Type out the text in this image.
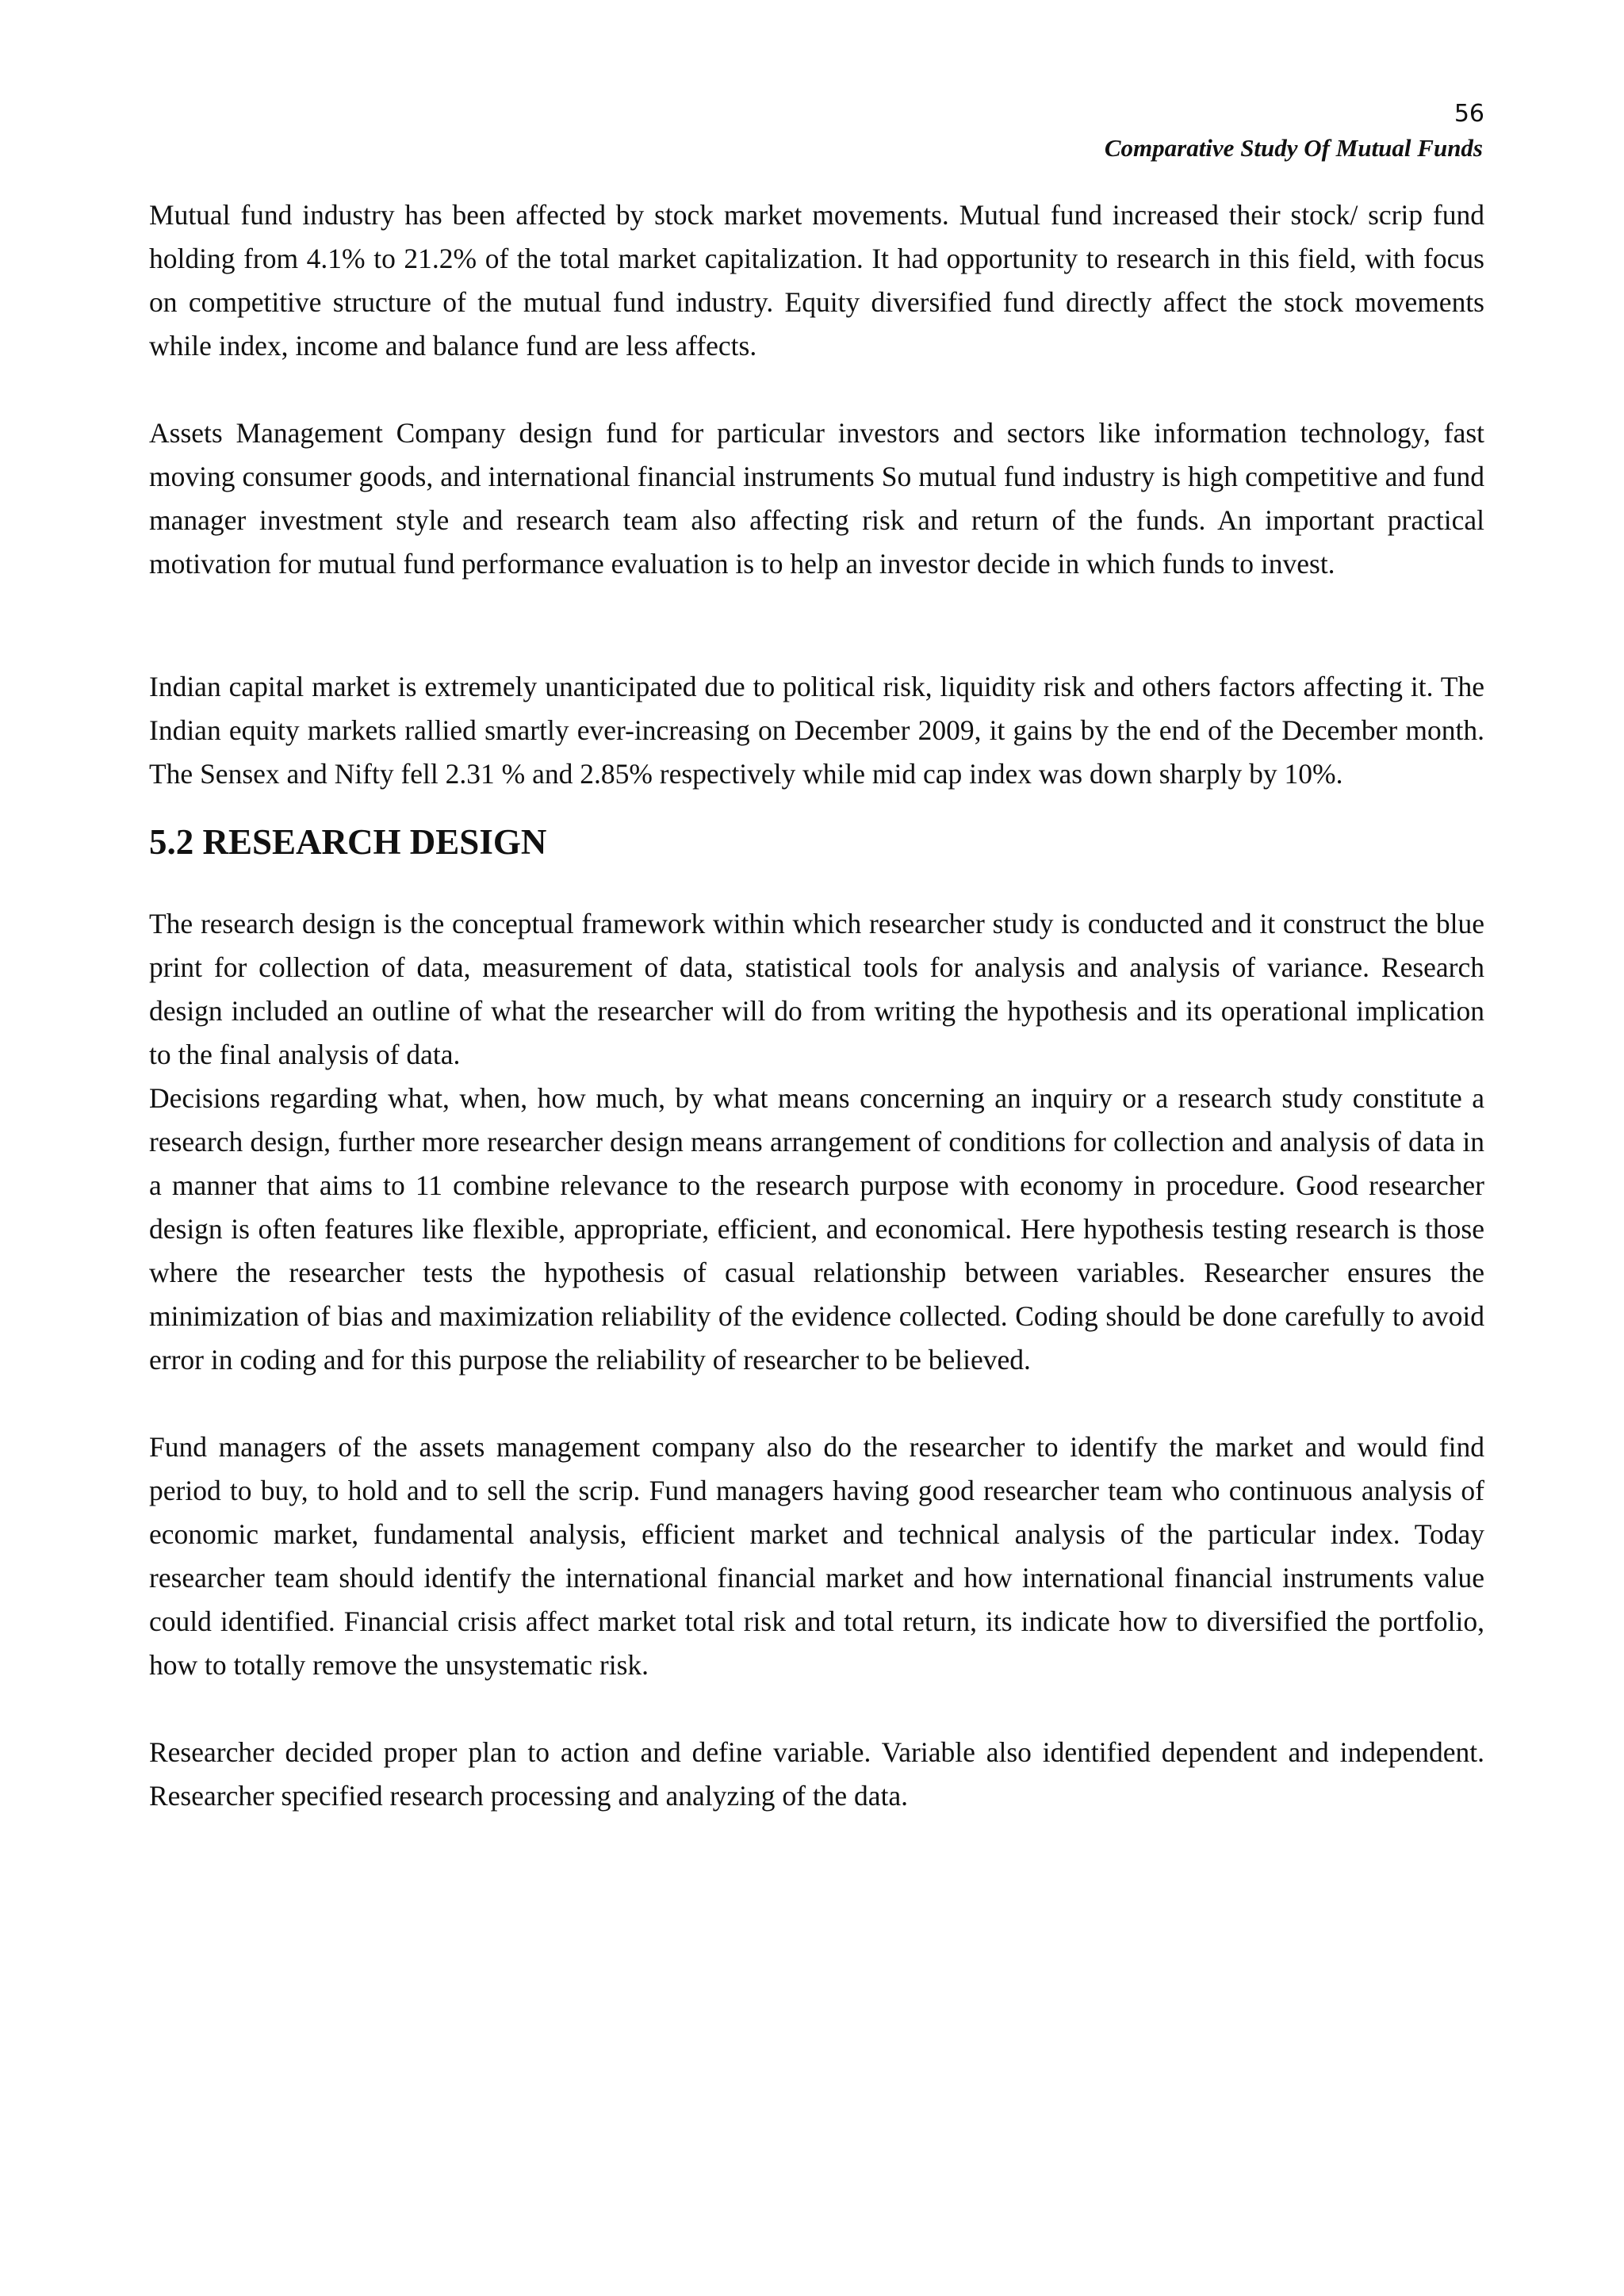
56
Comparative Study Of Mutual Funds

Mutual fund industry has been affected by stock market movements. Mutual fund increased their stock/ scrip fund holding from 4.1% to 21.2% of the total market capitalization. It had opportunity to research in this field, with focus on competitive structure of the mutual fund industry. Equity diversified fund directly affect the stock movements while index, income and balance fund are less affects.

Assets Management Company design fund for particular investors and sectors like information technology, fast moving consumer goods, and international financial instruments So mutual fund industry is high competitive and fund manager investment style and research team also affecting risk and return of the funds. An important practical motivation for mutual fund performance evaluation is to help an investor decide in which funds to invest.

Indian capital market is extremely unanticipated due to political risk, liquidity risk and others factors affecting it. The Indian equity markets rallied smartly ever-increasing on December 2009, it gains by the end of the December month. The Sensex and Nifty fell 2.31 % and 2.85% respectively while mid cap index was down sharply by 10%.

5.2 RESEARCH DESIGN

The research design is the conceptual framework within which researcher study is conducted and it construct the blue print for collection of data, measurement of data, statistical tools for analysis and analysis of variance. Research design included an outline of what the researcher will do from writing the hypothesis and its operational implication to the final analysis of data.

Decisions regarding what, when, how much, by what means concerning an inquiry or a research study constitute a research design, further more researcher design means arrangement of conditions for collection and analysis of data in a manner that aims to 11 combine relevance to the research purpose with economy in procedure. Good researcher design is often features like flexible, appropriate, efficient, and economical. Here hypothesis testing research is those where the researcher tests the hypothesis of casual relationship between variables. Researcher ensures the minimization of bias and maximization reliability of the evidence collected. Coding should be done carefully to avoid error in coding and for this purpose the reliability of researcher to be believed.

Fund managers of the assets management company also do the researcher to identify the market and would find period to buy, to hold and to sell the scrip. Fund managers having good researcher team who continuous analysis of economic market, fundamental analysis, efficient market and technical analysis of the particular index. Today researcher team should identify the international financial market and how international financial instruments value could identified. Financial crisis affect market total risk and total return, its indicate how to diversified the portfolio, how to totally remove the unsystematic risk.

Researcher decided proper plan to action and define variable. Variable also identified dependent and independent. Researcher specified research processing and analyzing of the data.
